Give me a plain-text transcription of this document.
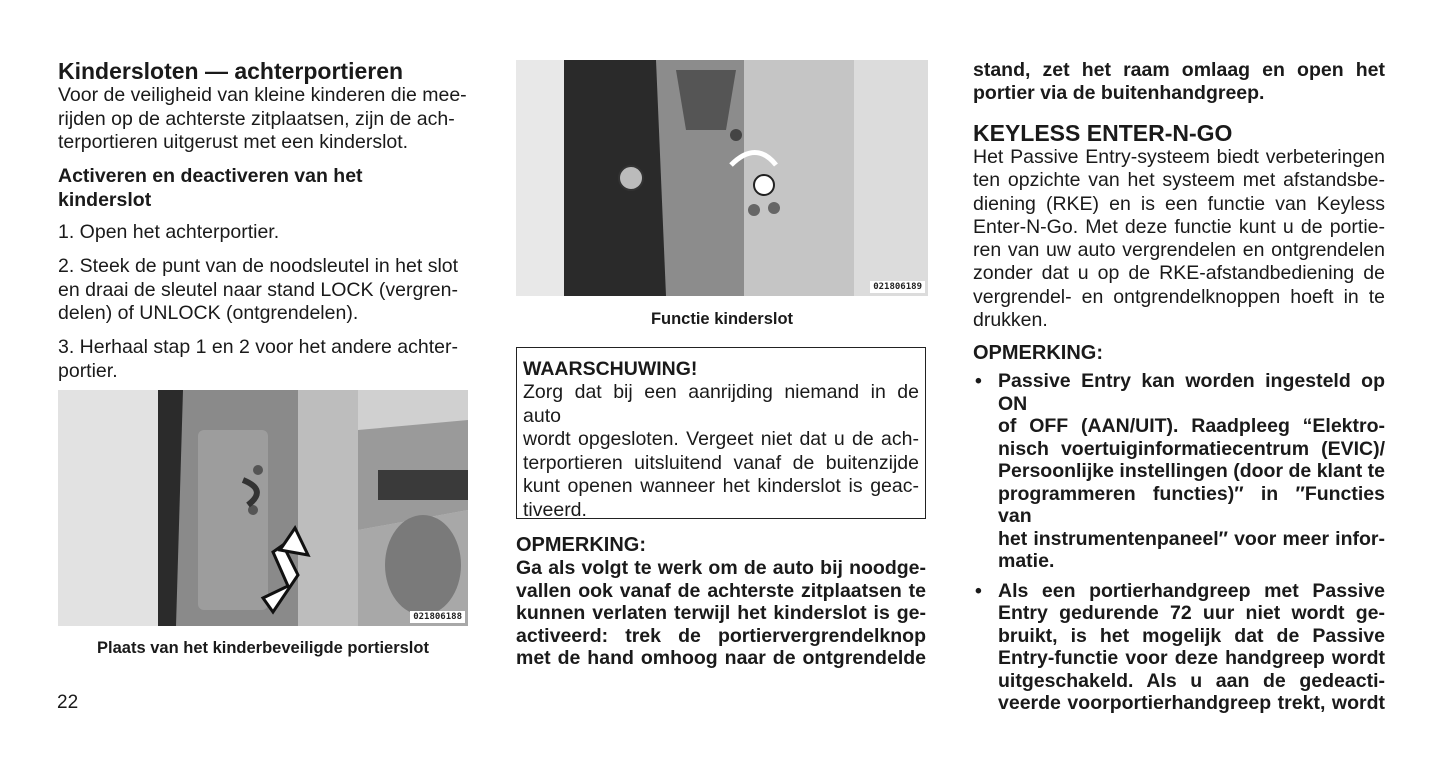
Kindersloten — achterportieren

Voor de veiligheid van kleine kinderen die mee-

rijden op de achterste zitplaatsen, zijn de ach-

terportieren uitgerust met een kinderslot.

Activeren en deactiveren van het

kinderslot

1. Open het achterportier.

2. Steek de punt van de noodsleutel in het slot

en draai de sleutel naar stand LOCK (vergren-

delen) of UNLOCK (ontgrendelen).

3. Herhaal stap 1 en 2 voor het andere achter-

portier.

021806188

Plaats van het kinderbeveiligde portierslot

021806189

Functie kinderslot

WAARSCHUWING!

Zorg dat bij een aanrijding niemand in de auto

wordt opgesloten. Vergeet niet dat u de ach-

terportieren uitsluitend vanaf de buitenzijde

kunt openen wanneer het kinderslot is geac-

tiveerd.

OPMERKING:

Ga als volgt te werk om de auto bij noodge-

vallen ook vanaf de achterste zitplaatsen te

kunnen verlaten terwijl het kinderslot is ge-

activeerd: trek de portiervergrendelknop

met de hand omhoog naar de ontgrendelde

stand, zet het raam omlaag en open het

portier via de buitenhandgreep.

KEYLESS ENTER-N-GO

Het Passive Entry-systeem biedt verbeteringen

ten opzichte van het systeem met afstandsbe-

diening (RKE) en is een functie van Keyless

Enter-N-Go. Met deze functie kunt u de portie-

ren van uw auto vergrendelen en ontgrendelen

zonder dat u op de RKE-afstandbediening de

vergrendel- en ontgrendelknoppen hoeft in te

drukken.

OPMERKING:

• Passive Entry kan worden ingesteld op ON
of OFF (AAN/UIT). Raadpleeg “Elektro-
nisch voertuiginformatiecentrum (EVIC)/
Persoonlijke instellingen (door de klant te
programmeren functies)″ in ″Functies van
het instrumentenpaneel″ voor meer infor-
matie.
• Als een portierhandgreep met Passive
Entry gedurende 72 uur niet wordt ge-
bruikt, is het mogelijk dat de Passive
Entry-functie voor deze handgreep wordt
uitgeschakeld. Als u aan de gedeacti-
veerde voorportierhandgreep trekt, wordt
22
